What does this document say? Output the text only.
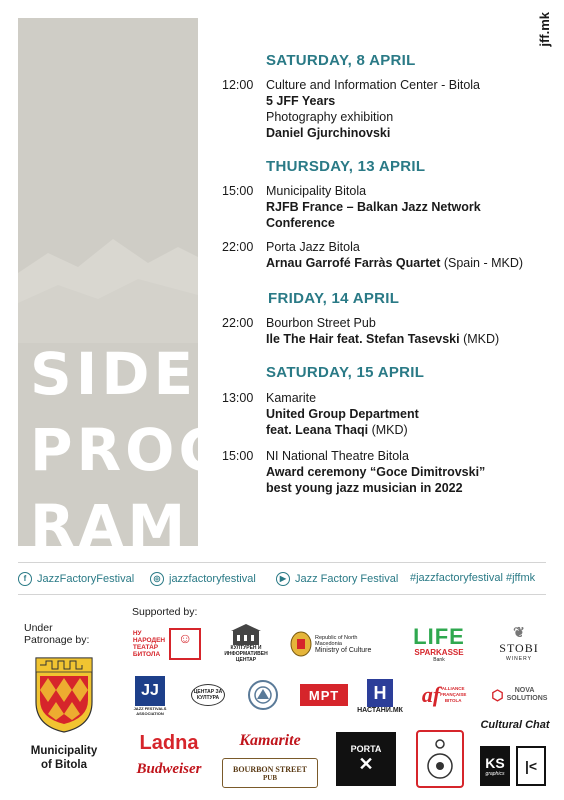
SIDE
PROG
RAM
jff.mk
SATURDAY, 8 APRIL
12:00	Culture and Information Center - Bitola
5 JFF Years
Photography exhibition
Daniel Gjurchinovski
THURSDAY, 13 APRIL
15:00	Municipality Bitola
RJFB France – Balkan Jazz Network
Conference
22:00	Porta Jazz Bitola
Arnau Garrofé Farràs Quartet (Spain - MKD)
FRIDAY, 14 APRIL
22:00	Bourbon Street Pub
Ile The Hair feat. Stefan Tasevski (MKD)
SATURDAY, 15 APRIL
13:00	Kamarite
United Group Department
feat. Leana Thaqi (MKD)
15:00	NI National Theatre Bitola
Award ceremony “Goce Dimitrovski”
best young jazz musician in 2022
f JazzFactoryFestival	◎ jazzfactoryfestival	▶ Jazz Factory Festival #jazzfactoryfestival #jffmk
Under
Patronage by:
Municipality
of Bitola
Supported by:
НУ
НАРОДЕН
ТЕАТАР
БИТОЛА
☺
КУЛТУРЕН И
ИНФОРМАТИВЕН
ЦЕНТАР
Republic of North Macedonia
Ministry of Culture
LIFE
SPARKASSE
Bank
❦
STOBI
WINERY
JJ
JAZZ FESTIVALS ASSOCIATION
ЦЕНТАР ЗА
КУЛТУРА	МРТ	H
НАСТАНИ.МК
af ALLIANCE FRANÇAISE BITOLA	⬡	NOVA SOLUTIONS
Cultural Chat
Ladna
Budweiser
Kamarite
BOURBON STREET
PUB
PORTA
✕	KS
graphics	|<
